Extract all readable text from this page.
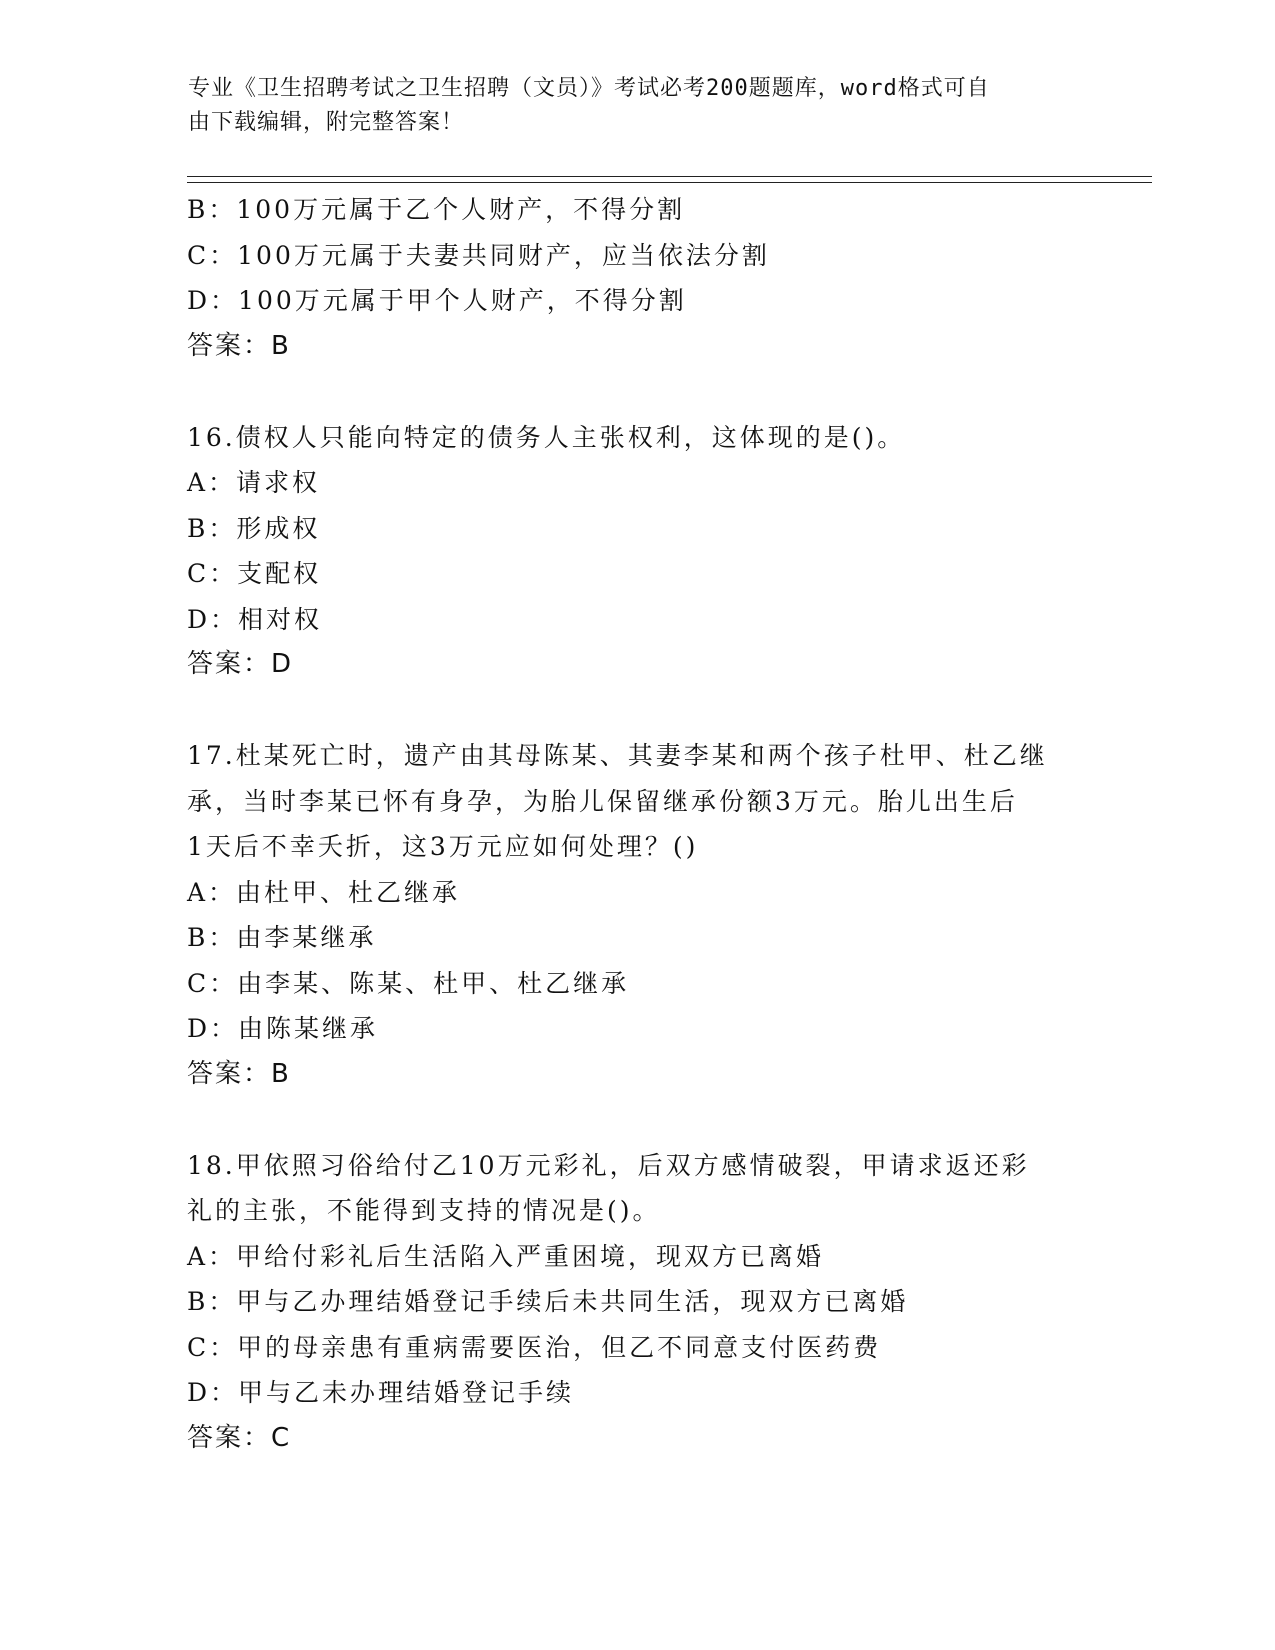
专业《卫生招聘考试之卫生招聘（文员）》考试必考200题题库，word格式可自
由下载编辑，附完整答案！
B：100万元属于乙个人财产，不得分割
C：100万元属于夫妻共同财产，应当依法分割
D：100万元属于甲个人财产，不得分割
答案：B
16.债权人只能向特定的债务人主张权利，这体现的是()。
A：请求权
B：形成权
C：支配权
D：相对权
答案：D
17.杜某死亡时，遗产由其母陈某、其妻李某和两个孩子杜甲、杜乙继
承，当时李某已怀有身孕，为胎儿保留继承份额3万元。胎儿出生后
1天后不幸夭折，这3万元应如何处理？()
A：由杜甲、杜乙继承
B：由李某继承
C：由李某、陈某、杜甲、杜乙继承
D：由陈某继承
答案：B
18.甲依照习俗给付乙10万元彩礼，后双方感情破裂，甲请求返还彩
礼的主张，不能得到支持的情况是()。
A：甲给付彩礼后生活陷入严重困境，现双方已离婚
B：甲与乙办理结婚登记手续后未共同生活，现双方已离婚
C：甲的母亲患有重病需要医治，但乙不同意支付医药费
D：甲与乙未办理结婚登记手续
答案：C
